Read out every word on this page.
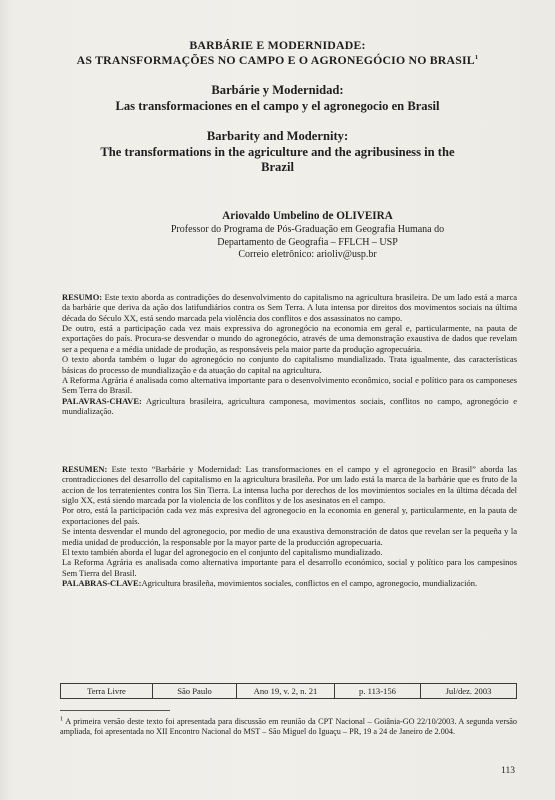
BARBÁRIE E MODERNIDADE:
AS TRANSFORMAÇÕES NO CAMPO E O AGRONEGÓCIO NO BRASIL$^1$
Barbárie y Modernidad:
Las transformaciones en el campo y el agronegocio en Brasil
Barbarity and Modernity:
The transformations in the agriculture and the agribusiness in the
Brazil
Ariovaldo Umbelino de OLIVEIRA
Professor do Programa de Pós-Graduação em Geografia Humana do
Departamento de Geografia – FFLCH – USP
Correio eletrônico: arioliv@usp.br

RESUMO: Este texto aborda as contradições do desenvolvimento do capitalismo na agricultura brasileira. De um lado está a marca da barbárie que deriva da ação dos latifundiários contra os Sem Terra. A luta intensa por direitos dos movimentos sociais na última década do Século XX, está sendo marcada pela violência dos conflitos e dos assassinatos no campo.

De outro, está a participação cada vez mais expressiva do agronegócio na economia em geral e, particularmente, na pauta de exportações do país. Procura-se desvendar o mundo do agronegócio, através de uma demonstração exaustiva de dados que revelam ser a pequena e a média unidade de produção, as responsáveis pela maior parte da produção agropecuária.

O texto aborda também o lugar do agronegócio no conjunto do capitalismo mundializado. Trata igualmente, das características básicas do processo de mundialização e da atuação do capital na agricultura.

A Reforma Agrária é analisada como alternativa importante para o desenvolvimento econômico, social e político para os camponeses Sem Terra do Brasil.

PALAVRAS-CHAVE: Agricultura brasileira, agricultura camponesa, movimentos sociais, conflitos no campo, agronegócio e mundialização.

RESUMEN: Este texto “Barbárie y Modernidad: Las transformaciones en el campo y el agronegocio en Brasil” aborda las crontradicciones del desarrollo del capitalismo en la agricultura brasileña. Por um lado está la marca de la barbárie que es fruto de la accion de los terratenientes contra los Sin Tierra. La intensa lucha por derechos de los movimientos sociales en la última década del siglo XX, está siendo marcada por la violencia de los conflitos y de los asesinatos en el campo.

Por otro, está la participación cada vez más expresiva del agronegocio en la economia en general y, particularmente, en la pauta de exportaciones del país.

Se intenta desvendar el mundo del agronegocio, por medio de una exaustiva demonstración de datos que revelan ser la pequeña y la media unidad de producción, la responsable por la mayor parte de la producción agropecuaria.

El texto también aborda el lugar del agronegocio en el conjunto del capitalismo mundializado.

La Reforma Agrária es analisada como alternativa importante para el desarrollo económico, social y político para los campesinos Sem Tierra del Brasil.

PALABRAS-CLAVE:Agricultura brasileña, movimientos sociales, conflictos en el campo, agronegocio, mundialización.

Terra Livre	São Paulo	Ano 19, v. 2, n. 21	p. 113-156	Jul/dez. 2003

$^1$ A primeira versão deste texto foi apresentada para discussão em reunião da CPT Nacional – Goiânia-GO 22/10/2003. A segunda versão ampliada, foi apresentada no XII Encontro Nacional do MST – São Miguel do Iguaçu – PR, 19 a 24 de Janeiro de 2.004.

113
